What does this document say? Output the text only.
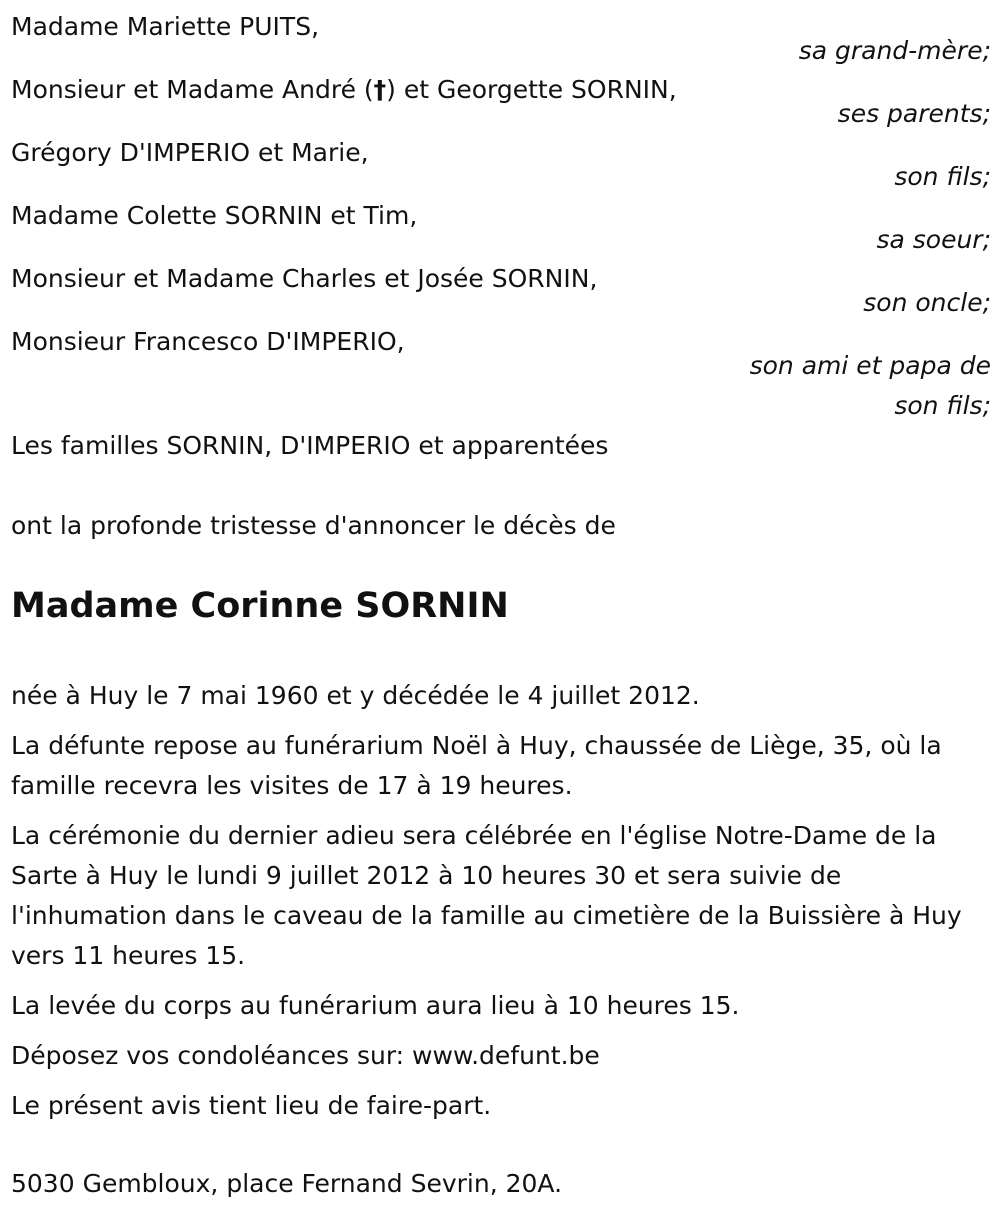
Madame Mariette PUITS,
sa grand-mère;
Monsieur et Madame André (†) et Georgette SORNIN,
ses parents;
Grégory D'IMPERIO et Marie,
son fils;
Madame Colette SORNIN et Tim,
sa soeur;
Monsieur et Madame Charles et Josée SORNIN,
son oncle;
Monsieur Francesco D'IMPERIO,
son ami et papa de
son fils;

Les familles SORNIN, D'IMPERIO et apparentées

ont la profonde tristesse d'annoncer le décès de

Madame Corinne SORNIN

née à Huy le 7 mai 1960 et y décédée le 4 juillet 2012.

La défunte repose au funérarium Noël à Huy, chaussée de Liège, 35, où la famille recevra les visites de 17 à 19 heures.

La cérémonie du dernier adieu sera célébrée en l'église Notre-Dame de la Sarte à Huy le lundi 9 juillet 2012 à 10 heures 30 et sera suivie de l'inhumation dans le caveau de la famille au cimetière de la Buissière à Huy vers 11 heures 15.

La levée du corps au funérarium aura lieu à 10 heures 15.

Déposez vos condoléances sur: www.defunt.be

Le présent avis tient lieu de faire-part.

5030 Gembloux, place Fernand Sevrin, 20A.
